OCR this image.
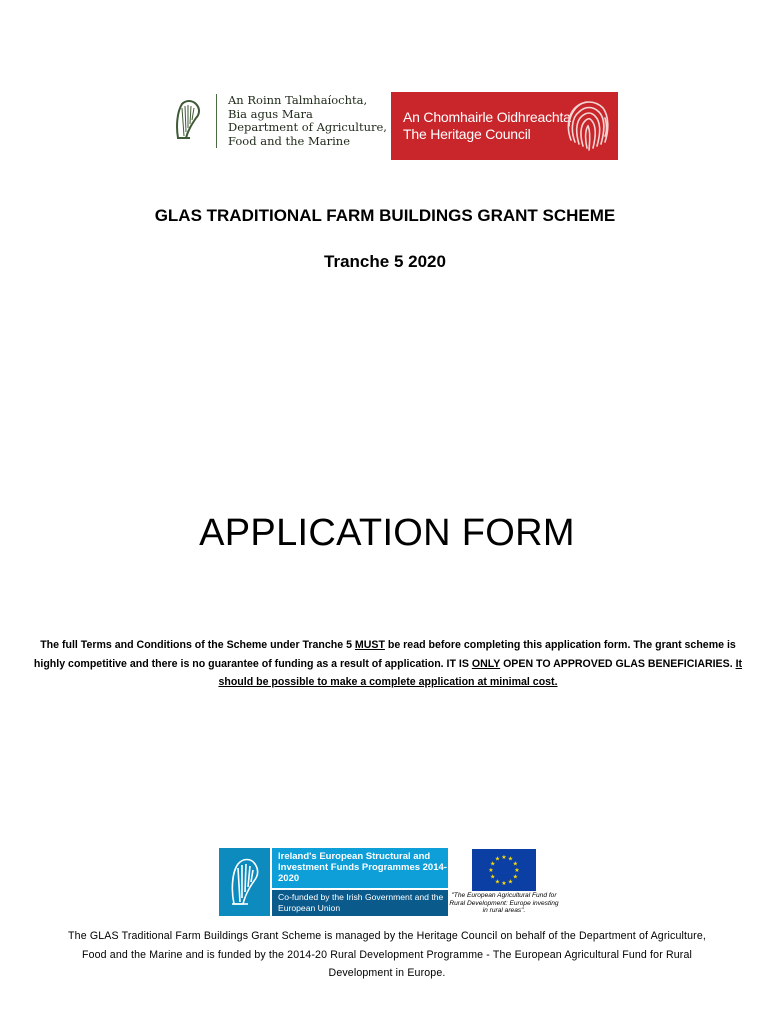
An Roinn Talmhaíochta,
Bia agus Mara
Department of Agriculture,
Food and the Marine
An Chomhairle Oidhreachta
The Heritage Council
GLAS TRADITIONAL FARM BUILDINGS GRANT SCHEME
Tranche 5 2020
APPLICATION FORM
The full Terms and Conditions of the Scheme under Tranche 5 MUST be read before completing this application form. The grant scheme is highly competitive and there is no guarantee of funding as a result of application. IT IS ONLY OPEN TO APPROVED GLAS BENEFICIARIES. It should be possible to make a complete application at minimal cost.
Ireland's European Structural and Investment Funds Programmes 2014-2020
Co-funded by the Irish Government and the European Union
★
★
★
★
★
★
★
★
★ ★ ★
★
"The European Agricultural Fund for Rural Development: Europe investing in rural areas".
The GLAS Traditional Farm Buildings Grant Scheme is managed by the Heritage Council on behalf of the Department of Agriculture, Food and the Marine and is funded by the 2014-20 Rural Development Programme - The European Agricultural Fund for Rural Development in Europe.
